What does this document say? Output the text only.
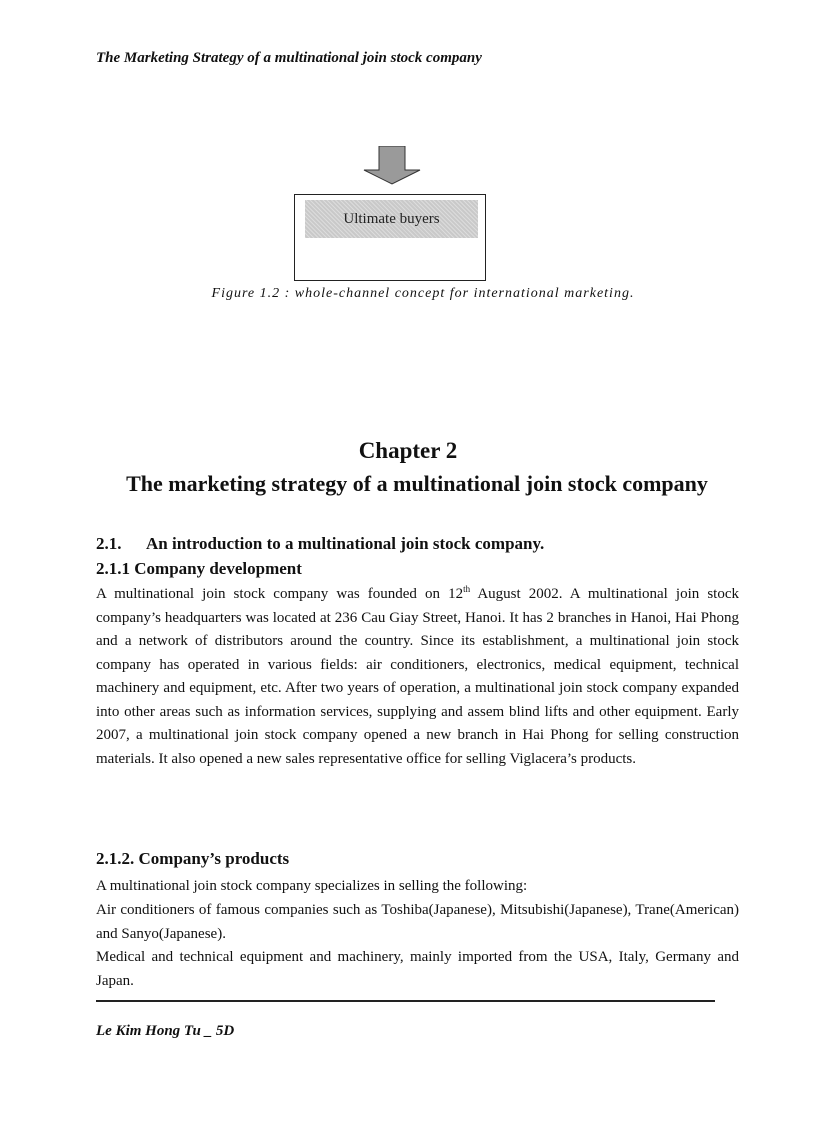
The Marketing Strategy of a multinational join stock company
Ultimate buyers
Figure 1.2 : whole-channel concept for international marketing.
Chapter 2
The marketing strategy of a multinational join stock company
2.1. An introduction to a multinational join stock company.
2.1.1 Company development
A multinational join stock company was founded on 12th August 2002. A multinational join stock company’s headquarters was located at 236 Cau Giay Street, Hanoi. It has 2 branches in Hanoi, Hai Phong and a network of distributors around the country. Since its establishment, a multinational join stock company has operated in various fields: air conditioners, electronics, medical equipment, technical machinery and equipment, etc. After two years of operation, a multinational join stock company expanded into other areas such as information services, supplying and assem blind lifts and other equipment. Early 2007, a multinational join stock company opened a new branch in Hai Phong for selling construction materials. It also opened a new sales representative office for selling Viglacera’s products.
2.1.2. Company’s products
A multinational join stock company specializes in selling the following:
Air conditioners of famous companies such as Toshiba(Japanese), Mitsubishi(Japanese), Trane(American) and Sanyo(Japanese).
Medical and technical equipment and machinery, mainly imported from the USA, Italy, Germany and Japan.
Le Kim Hong Tu _ 5D
